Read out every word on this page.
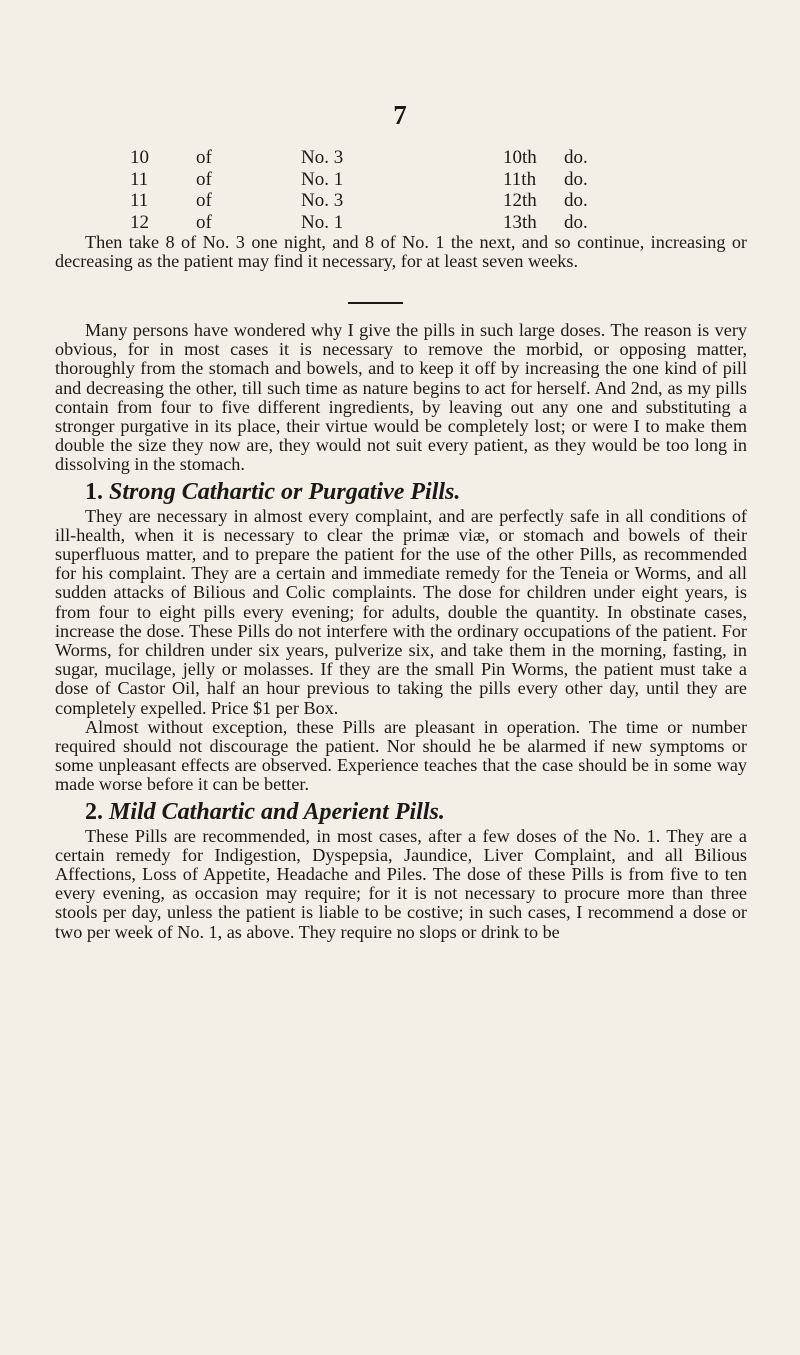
7
10	of	No. 3	10th do.
11	of	No. 1	11th do.
11	of	No. 3	12th do.
12	of	No. 1	13th do.

Then take 8 of No. 3 one night, and 8 of No. 1 the next, and so continue, increasing or decreasing as the patient may find it necessary, for at least seven weeks.

Many persons have wondered why I give the pills in such large doses. The reason is very obvious, for in most cases it is necessary to remove the morbid, or opposing matter, thoroughly from the stomach and bowels, and to keep it off by increasing the one kind of pill and decreasing the other, till such time as nature begins to act for herself. And 2nd, as my pills contain from four to five different ingredients, by leaving out any one and substituting a stronger purgative in its place, their virtue would be completely lost; or were I to make them double the size they now are, they would not suit every patient, as they would be too long in dissolving in the stomach.

1. Strong Cathartic or Purgative Pills.

They are necessary in almost every complaint, and are perfectly safe in all conditions of ill-health, when it is necessary to clear the primæ viæ, or stomach and bowels of their superfluous matter, and to prepare the patient for the use of the other Pills, as recommended for his complaint. They are a certain and immediate remedy for the Teneia or Worms, and all sudden attacks of Bilious and Colic complaints. The dose for children under eight years, is from four to eight pills every evening; for adults, double the quantity. In obstinate cases, increase the dose. These Pills do not interfere with the ordinary occupations of the patient. For Worms, for children under six years, pulverize six, and take them in the morning, fasting, in sugar, mucilage, jelly or molasses. If they are the small Pin Worms, the patient must take a dose of Castor Oil, half an hour previous to taking the pills every other day, until they are completely expelled. Price $1 per Box.

Almost without exception, these Pills are pleasant in operation. The time or number required should not discourage the patient. Nor should he be alarmed if new symptoms or some unpleasant effects are observed. Experience teaches that the case should be in some way made worse before it can be better.

2. Mild Cathartic and Aperient Pills.

These Pills are recommended, in most cases, after a few doses of the No. 1. They are a certain remedy for Indigestion, Dyspepsia, Jaundice, Liver Complaint, and all Bilious Affections, Loss of Appetite, Headache and Piles. The dose of these Pills is from five to ten every evening, as occasion may require; for it is not necessary to procure more than three stools per day, unless the patient is liable to be costive; in such cases, I recommend a dose or two per week of No. 1, as above. They require no slops or drink to be
